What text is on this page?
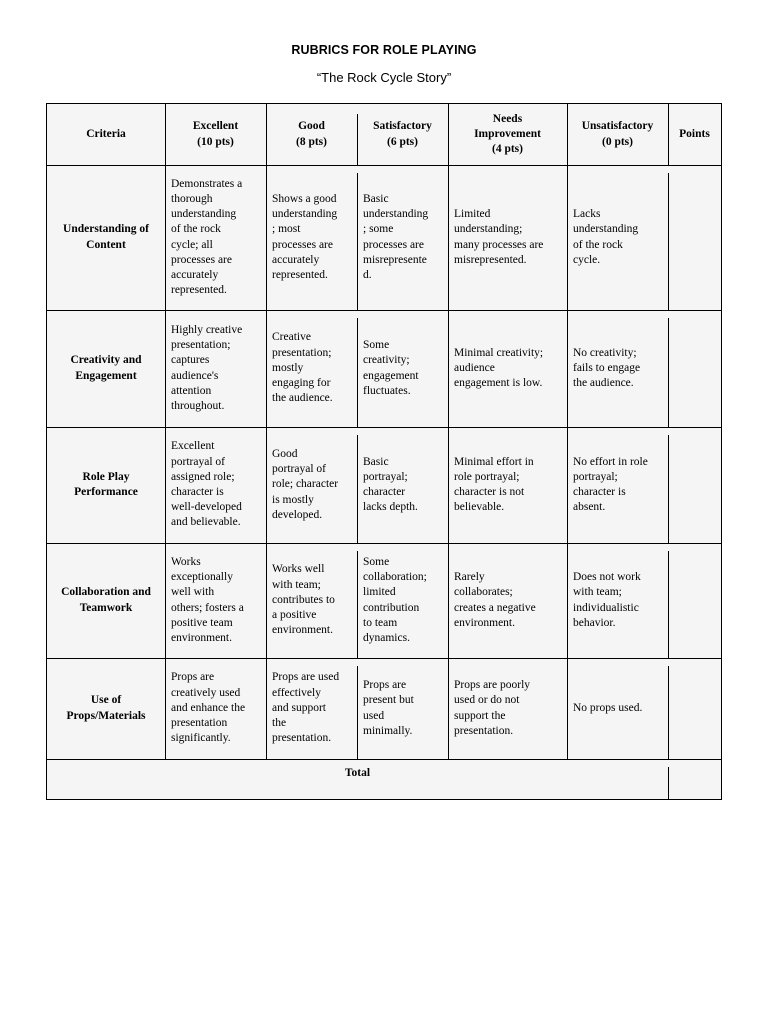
RUBRICS FOR ROLE PLAYING
“The Rock Cycle Story”
Criteria
Excellent
(10 pts)
Good
(8 pts)
Satisfactory
(6 pts)
Needs
Improvement
(4 pts)
Unsatisfactory
(0 pts)
Points
Understanding of
Content
Demonstrates a
thorough
understanding
of the rock
cycle; all
processes are
accurately
represented.
Shows a good
understanding
; most
processes are
accurately
represented.
Basic
understanding
; some
processes are
misrepresente
d.
Limited
understanding;
many processes are
misrepresented.
Lacks
understanding
of the rock
cycle.
Creativity and
Engagement
Highly creative
presentation;
captures
audience's
attention
throughout.
Creative
presentation;
mostly
engaging for
the audience.
Some
creativity;
engagement
fluctuates.
Minimal creativity;
audience
engagement is low.
No creativity;
fails to engage
the audience.
Role Play
Performance
Excellent
portrayal of
assigned role;
character is
well-developed
and believable.
Good
portrayal of
role; character
is mostly
developed.
Basic
portrayal;
character
lacks depth.
Minimal effort in
role portrayal;
character is not
believable.
No effort in role
portrayal;
character is
absent.
Collaboration and
Teamwork
Works
exceptionally
well with
others; fosters a
positive team
environment.
Works well
with team;
contributes to
a positive
environment.
Some
collaboration;
limited
contribution
to team
dynamics.
Rarely
collaborates;
creates a negative
environment.
Does not work
with team;
individualistic
behavior.
Use of
Props/Materials
Props are
creatively used
and enhance the
presentation
significantly.
Props are used
effectively
and support
the
presentation.
Props are
present but
used
minimally.
Props are poorly
used or do not
support the
presentation.
No props used.
Total
